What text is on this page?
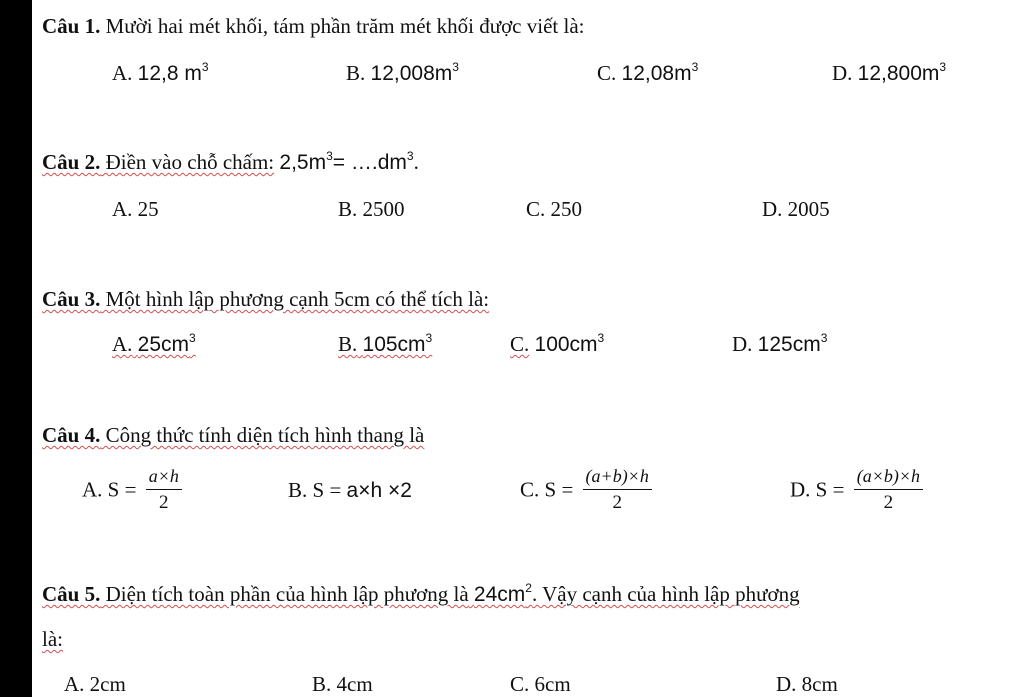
Câu 1. Mười hai mét khối, tám phần trăm mét khối được viết là:
A. 12,8 $m^3$	B. $12,008m^3$	C. $12,08m^3$	D. $12,800m^3$
Câu 2. Điền vào chỗ chấm: $2,5m^3=$ $\dots.dm^3$.
A. 25	B. 2500	C. 250	D. 2005
Câu 3. Một hình lập phương cạnh 5cm có thể tích là:
A. $25cm^3$	B. $105cm^3$	C. $100cm^3$	D. $125cm^3$
Câu 4. Công thức tính diện tích hình thang là
A. $S = \frac{a\times h}{2}$	B. S = a×h ×2	C. $S = \frac{(a+b)\times h}{2}$	D. $S = \frac{(a\times b)\times h}{2}$
Câu 5. Diện tích toàn phần của hình lập phương là $24cm^2$. Vậy cạnh của hình lập phương
là:
A. 2cm	B. 4cm	C. 6cm	D. 8cm
